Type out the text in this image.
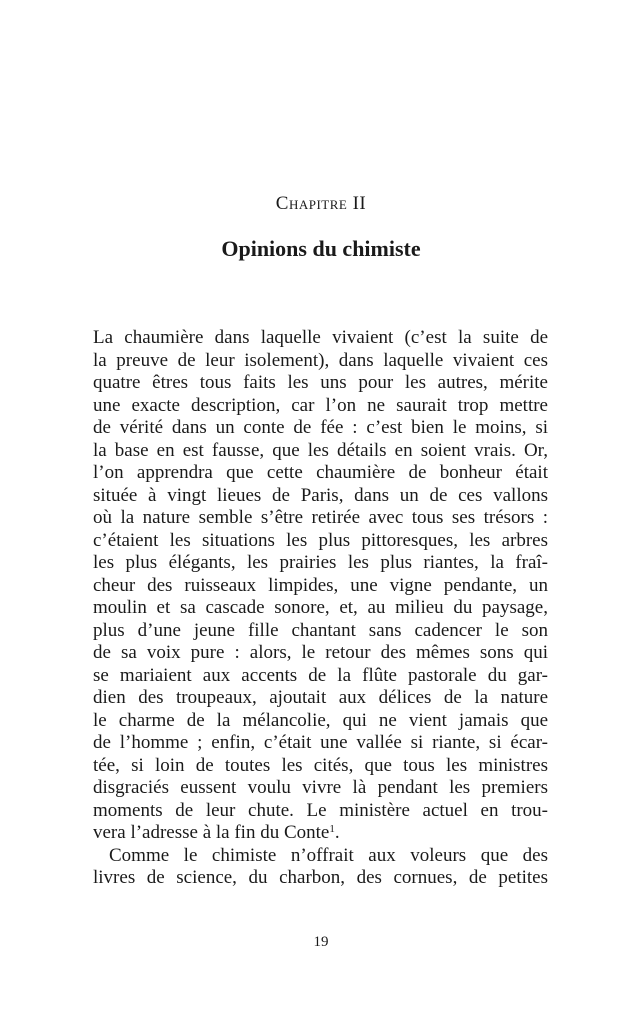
Chapitre II
Opinions du chimiste
La chaumière dans laquelle vivaient (c’est la suite de
la preuve de leur isolement), dans laquelle vivaient ces
quatre êtres tous faits les uns pour les autres, mérite
une exacte description, car l’on ne saurait trop mettre
de vérité dans un conte de fée : c’est bien le moins, si
la base en est fausse, que les détails en soient vrais. Or,
l’on apprendra que cette chaumière de bonheur était
située à vingt lieues de Paris, dans un de ces vallons
où la nature semble s’être retirée avec tous ses trésors :
c’étaient les situations les plus pittoresques, les arbres
les plus élégants, les prairies les plus riantes, la fraî-
cheur des ruisseaux limpides, une vigne pendante, un
moulin et sa cascade sonore, et, au milieu du paysage,
plus d’une jeune fille chantant sans cadencer le son
de sa voix pure : alors, le retour des mêmes sons qui
se mariaient aux accents de la flûte pastorale du gar-
dien des troupeaux, ajoutait aux délices de la nature
le charme de la mélancolie, qui ne vient jamais que
de l’homme ; enfin, c’était une vallée si riante, si écar-
tée, si loin de toutes les cités, que tous les ministres
disgraciés eussent voulu vivre là pendant les premiers
moments de leur chute. Le ministère actuel en trou-
vera l’adresse à la fin du Conte$^1$.
Comme le chimiste n’offrait aux voleurs que des
livres de science, du charbon, des cornues, de petites
19
